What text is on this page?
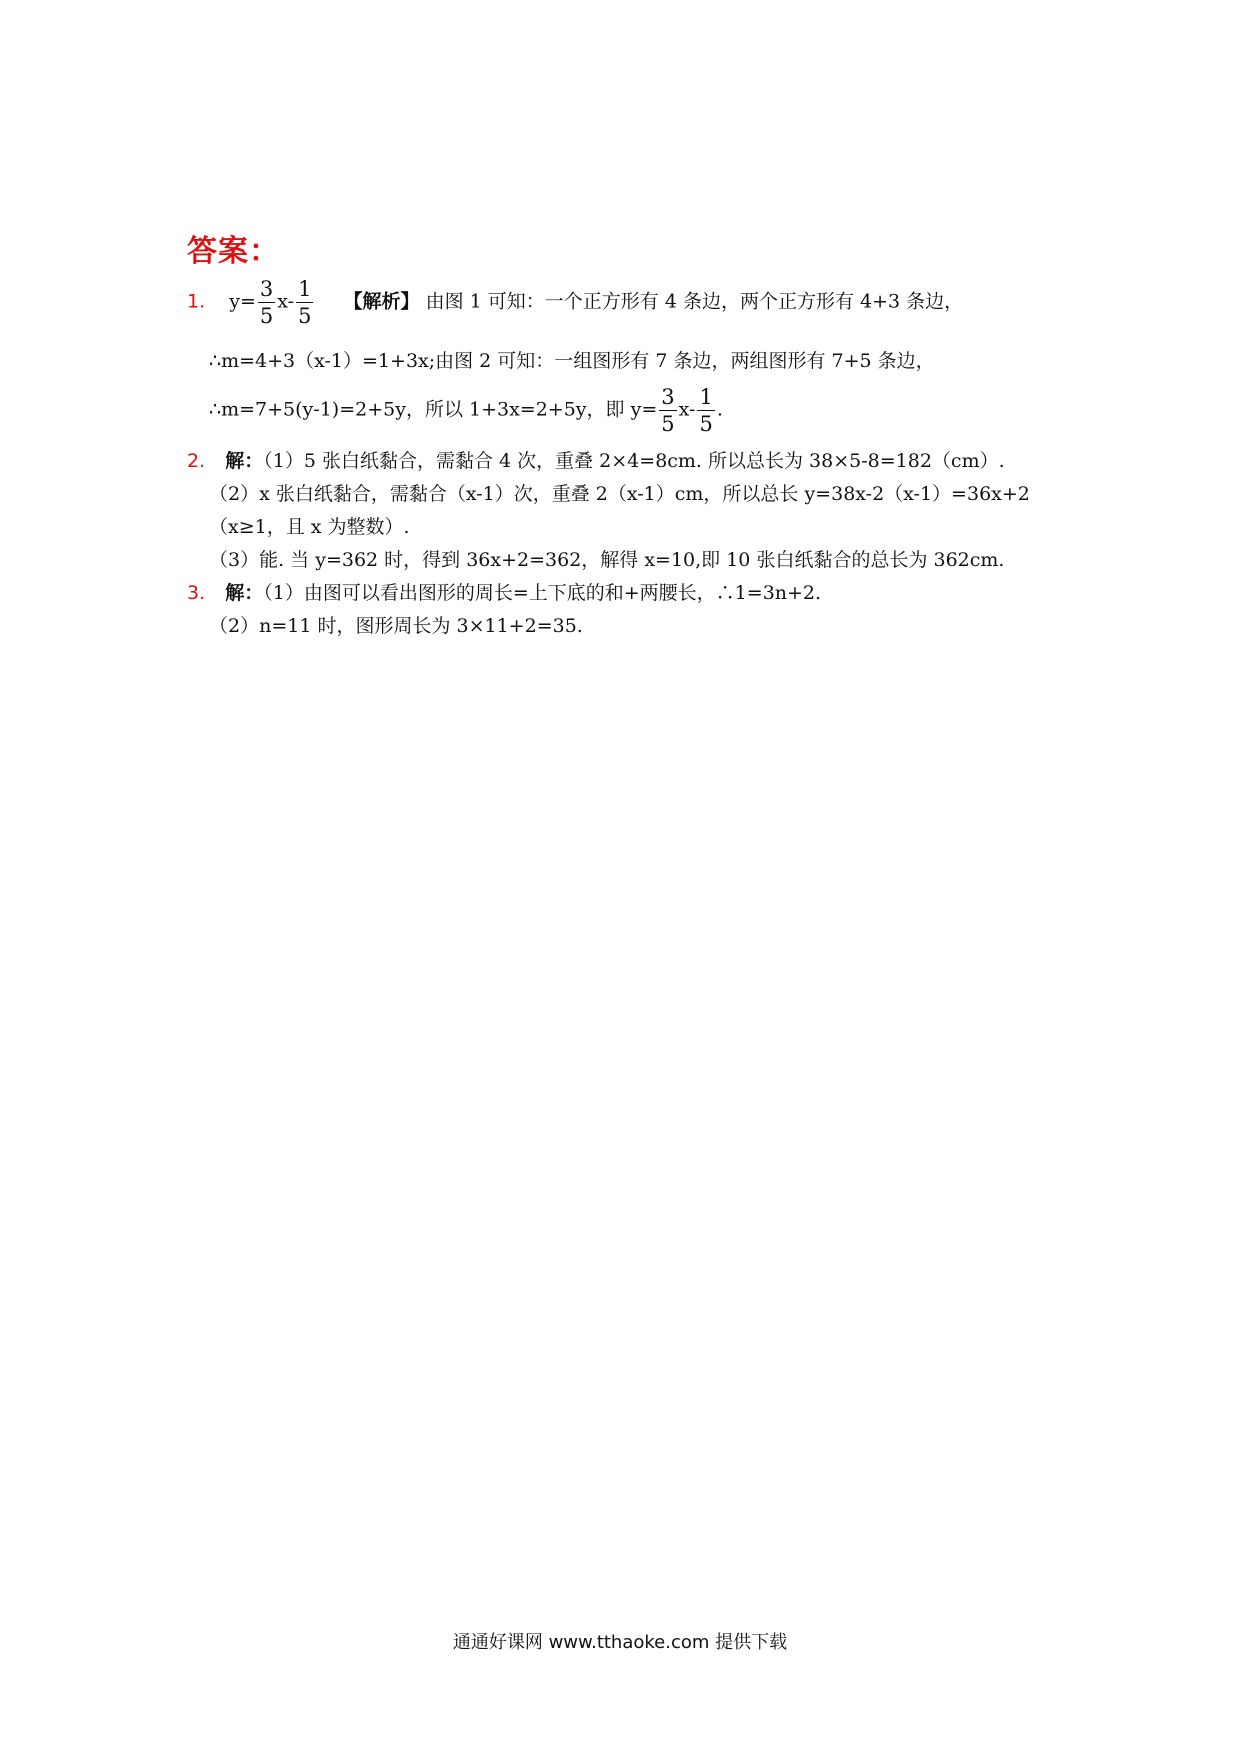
答案：
1. $y= \frac{3}{5} x- \frac{1}{5}$ 【解析】 由图 1 可知：一个正方形有 4 条边，两个正方形有 4+3 条边，
∴m=4+3（x-1）=1+3x;由图 2 可知：一组图形有 7 条边，两组图形有 7+5 条边，
∴m=7+5(y-1)=2+5y，所以 1+3x=2+5y，即 $y= \frac{3}{5} x- \frac{1}{5}$ .
2. 解：（1）5 张白纸黏合，需黏合 4 次，重叠 2×4=8cm. 所以总长为 38×5-8=182（cm）.
（2）x 张白纸黏合，需黏合（x-1）次，重叠 2（x-1）cm，所以总长 y=38x-2（x-1）=36x+2
（x≥1，且 x 为整数）.
（3）能. 当 y=362 时，得到 36x+2=362，解得 x=10,即 10 张白纸黏合的总长为 362cm.
3. 解：（1）由图可以看出图形的周长=上下底的和+两腰长，∴1=3n+2.
（2）n=11 时，图形周长为 3×11+2=35.
通通好课网 www.tthaoke.com 提供下载
